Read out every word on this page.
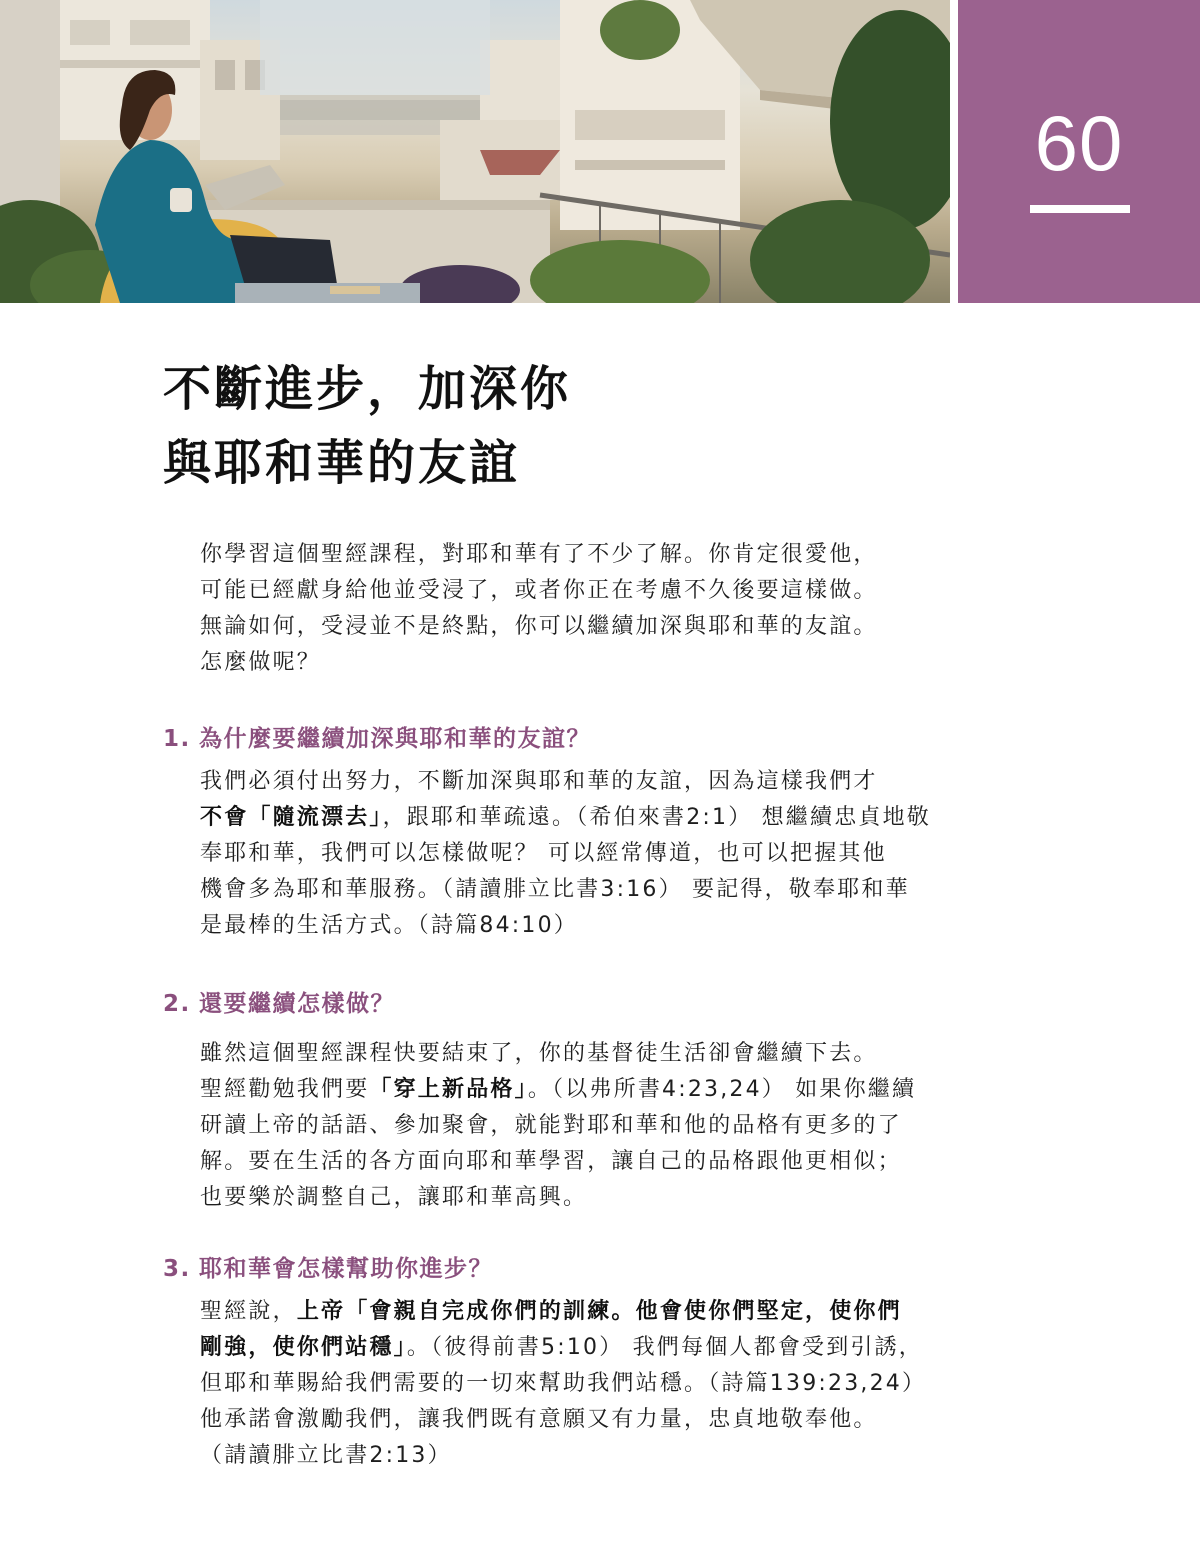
60
不斷進步，加深你
與耶和華的友誼
你學習這個聖經課程，對耶和華有了不少了解。你肯定很愛他，
可能已經獻身給他並受浸了，或者你正在考慮不久後要這樣做。
無論如何，受浸並不是終點，你可以繼續加深與耶和華的友誼。
怎麼做呢？
1. 為什麼要繼續加深與耶和華的友誼？
我們必須付出努力，不斷加深與耶和華的友誼，因為這樣我們才
不會「隨流漂去」，跟耶和華疏遠。（希伯來書2:1） 想繼續忠貞地敬
奉耶和華，我們可以怎樣做呢？ 可以經常傳道，也可以把握其他
機會多為耶和華服務。（請讀腓立比書3:16） 要記得，敬奉耶和華
是最棒的生活方式。（詩篇84:10）
2. 還要繼續怎樣做？
雖然這個聖經課程快要結束了，你的基督徒生活卻會繼續下去。
聖經勸勉我們要「穿上新品格」。（以弗所書4:23,24） 如果你繼續
研讀上帝的話語、參加聚會，就能對耶和華和他的品格有更多的了
解。要在生活的各方面向耶和華學習，讓自己的品格跟他更相似；
也要樂於調整自己，讓耶和華高興。
3. 耶和華會怎樣幫助你進步？
聖經說，上帝「會親自完成你們的訓練。他會使你們堅定，使你們
剛強，使你們站穩」。（彼得前書5:10） 我們每個人都會受到引誘，
但耶和華賜給我們需要的一切來幫助我們站穩。（詩篇139:23,24）
他承諾會激勵我們，讓我們既有意願又有力量，忠貞地敬奉他。
（請讀腓立比書2:13）
